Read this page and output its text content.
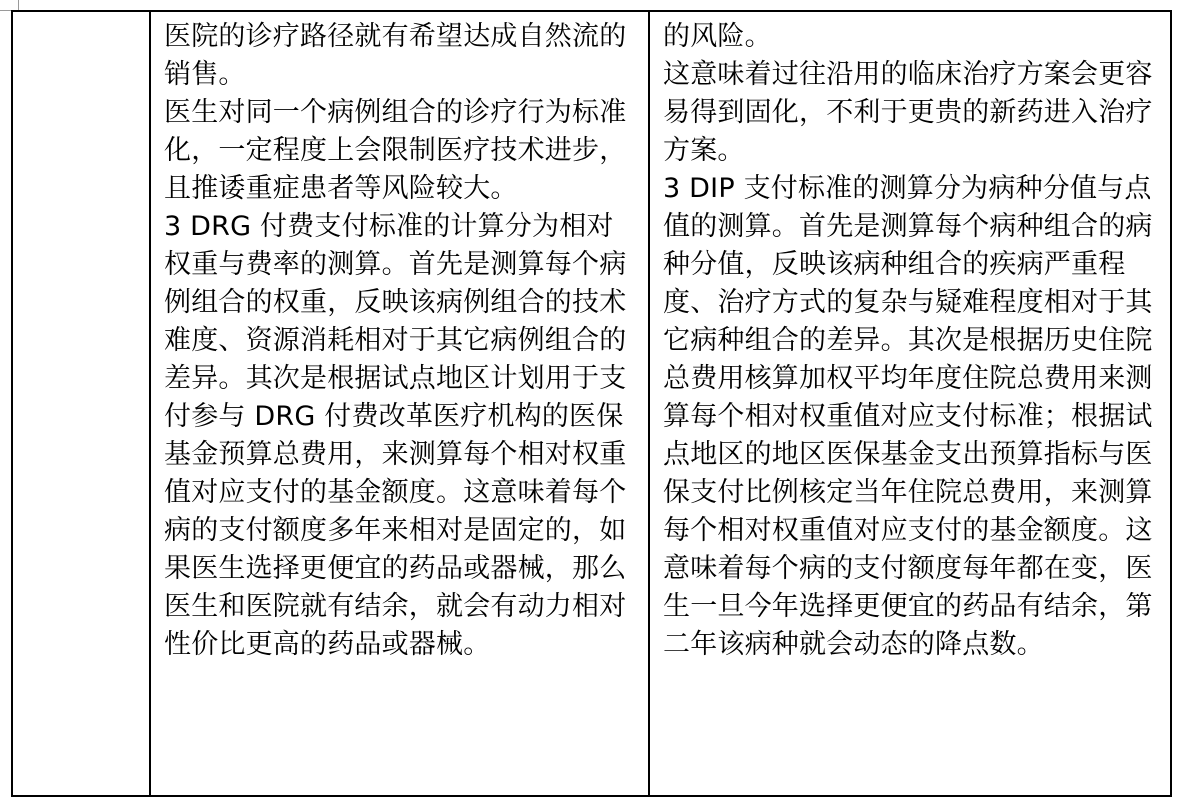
医院的诊疗路径就有希望达成自然流的销售。

医生对同一个病例组合的诊疗行为标准化，一定程度上会限制医疗技术进步，且推诿重症患者等风险较大。

3 DRG 付费支付标准的计算分为相对权重与费率的测算。首先是测算每个病例组合的权重，反映该病例组合的技术难度、资源消耗相对于其它病例组合的差异。其次是根据试点地区计划用于支付参与 DRG 付费改革医疗机构的医保基金预算总费用，来测算每个相对权重值对应支付的基金额度。这意味着每个病的支付额度多年来相对是固定的，如果医生选择更便宜的药品或器械，那么医生和医院就有结余，就会有动力相对性价比更高的药品或器械。

的风险。

这意味着过往沿用的临床治疗方案会更容易得到固化，不利于更贵的新药进入治疗方案。

3 DIP 支付标准的测算分为病种分值与点值的测算。首先是测算每个病种组合的病种分值，反映该病种组合的疾病严重程度、治疗方式的复杂与疑难程度相对于其它病种组合的差异。其次是根据历史住院总费用核算加权平均年度住院总费用来测算每个相对权重值对应支付标准；根据试点地区的地区医保基金支出预算指标与医保支付比例核定当年住院总费用，来测算每个相对权重值对应支付的基金额度。这意味着每个病的支付额度每年都在变，医生一旦今年选择更便宜的药品有结余，第二年该病种就会动态的降点数。
